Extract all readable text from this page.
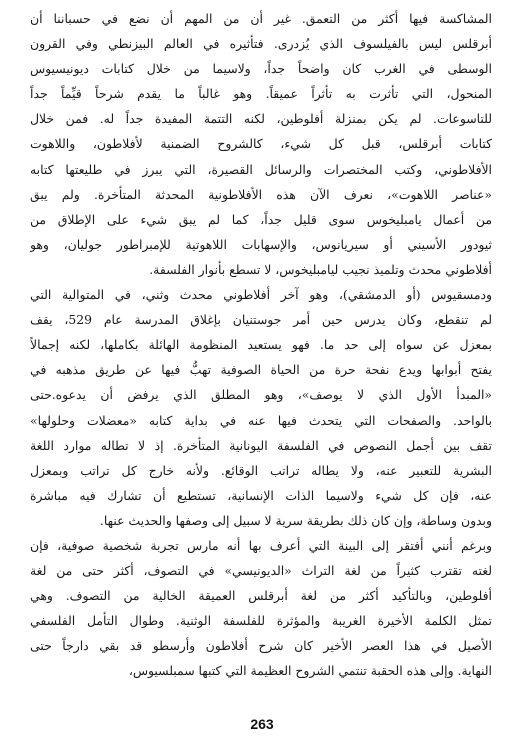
المشاكسة فيها أكثر من التعمق. غير أن من المهم أن نضع في حسباننا أن
أبرقلس ليس بالفيلسوف الذي يُزدرى. فتأثيره في العالم البيزنطي وفي القرون
الوسطى في الغرب كان واضحاً جداً، ولاسيما من خلال كتابات ديونيسيوس
المنحول، التي تأثرت به تأثراً عميقاً. وهو غالباً ما يقدم شرحاً قيِّماً جداً
للتاسوعات. لم يكن بمنزلة أفلوطين، لكنه التتمة المفيدة جداً له. فمن خلال
كتابات أبرقلس، قبل كل شيء، كالشروح الضمنية لأفلاطون، واللاهوت
الأفلاطوني، وكتب المختصرات والرسائل القصيرة، التي يبرز في طليعتها كتابه
«عناصر اللاهوت»، نعرف الآن هذه الأفلاطونية المحدثة المتأخرة. ولم يبق
من أعمال يامبليخوس سوى قليل جداً، كما لم يبق شيء على الإطلاق من
ثيودور الأسيني أو سيريانوس، والإسهابات اللاهوتية للإمبراطور جوليان، وهو
أفلاطوني محدث وتلميذ نجيب ليامبليخوس، لا تسطع بأنوار الفلسفة.
ودمسقيوس (أو الدمشقي)، وهو آخر أفلاطوني محدث وثني، في المتوالية التي
لم تنقطع، وكان يدرس حين أمر جوستنيان بإغلاق المدرسة عام 529، يقف
بمعزل عن سواه إلى حد ما. فهو يستعيد المنظومة الهائلة بكاملها، لكنه إجمالاً
يفتح أبوابها ويدع نفحة حرة من الحياة الصوفية تهبُّ فيها عن طريق مذهبه في
«المبدأ الأول الذي لا يوصف»، وهو المطلق الذي يرفض أن يدعوه.حتى
بالواحد. والصفحات التي يتحدث فيها عنه في بداية كتابه «معضلات وحلولها»
تقف بين أجمل النصوص في الفلسفة اليونانية المتأخرة. إذ لا تطاله موارد اللغة
البشرية للتعبير عنه، ولا يطاله تراتب الوقائع. ولأنه خارج كل تراتب وبمعزل
عنه، فإن كل شيء ولاسيما الذات الإنسانية، تستطيع أن تشارك فيه مباشرة
وبدون وساطة، وإن كان ذلك بطريقة سرية لا سبيل إلى وصفها والحديث عنها.
وبرغم أنني أفتقر إلى البينة التي أعرف بها أنه مارس تجربة شخصية صوفية، فإن
لغته تقترب كثيراً من لغة التراث «الديونيسي» في التصوف، أكثر حتى من لغة
أفلوطين، وبالتأكيد أكثر من لغة أبرقلس العميقة الخالية من التصوف. وهي
تمثل الكلمة الأخيرة الغريبة والمؤثرة للفلسفة الوثنية. وطوال التأمل الفلسفي
الأصيل في هذا العصر الأخير كان شرح أفلاطون وأرسطو قد بقي دارجاً حتى
النهاية. وإلى هذه الحقبة تنتمي الشروح العظيمة التي كتبها سمبلسيوس،
263
